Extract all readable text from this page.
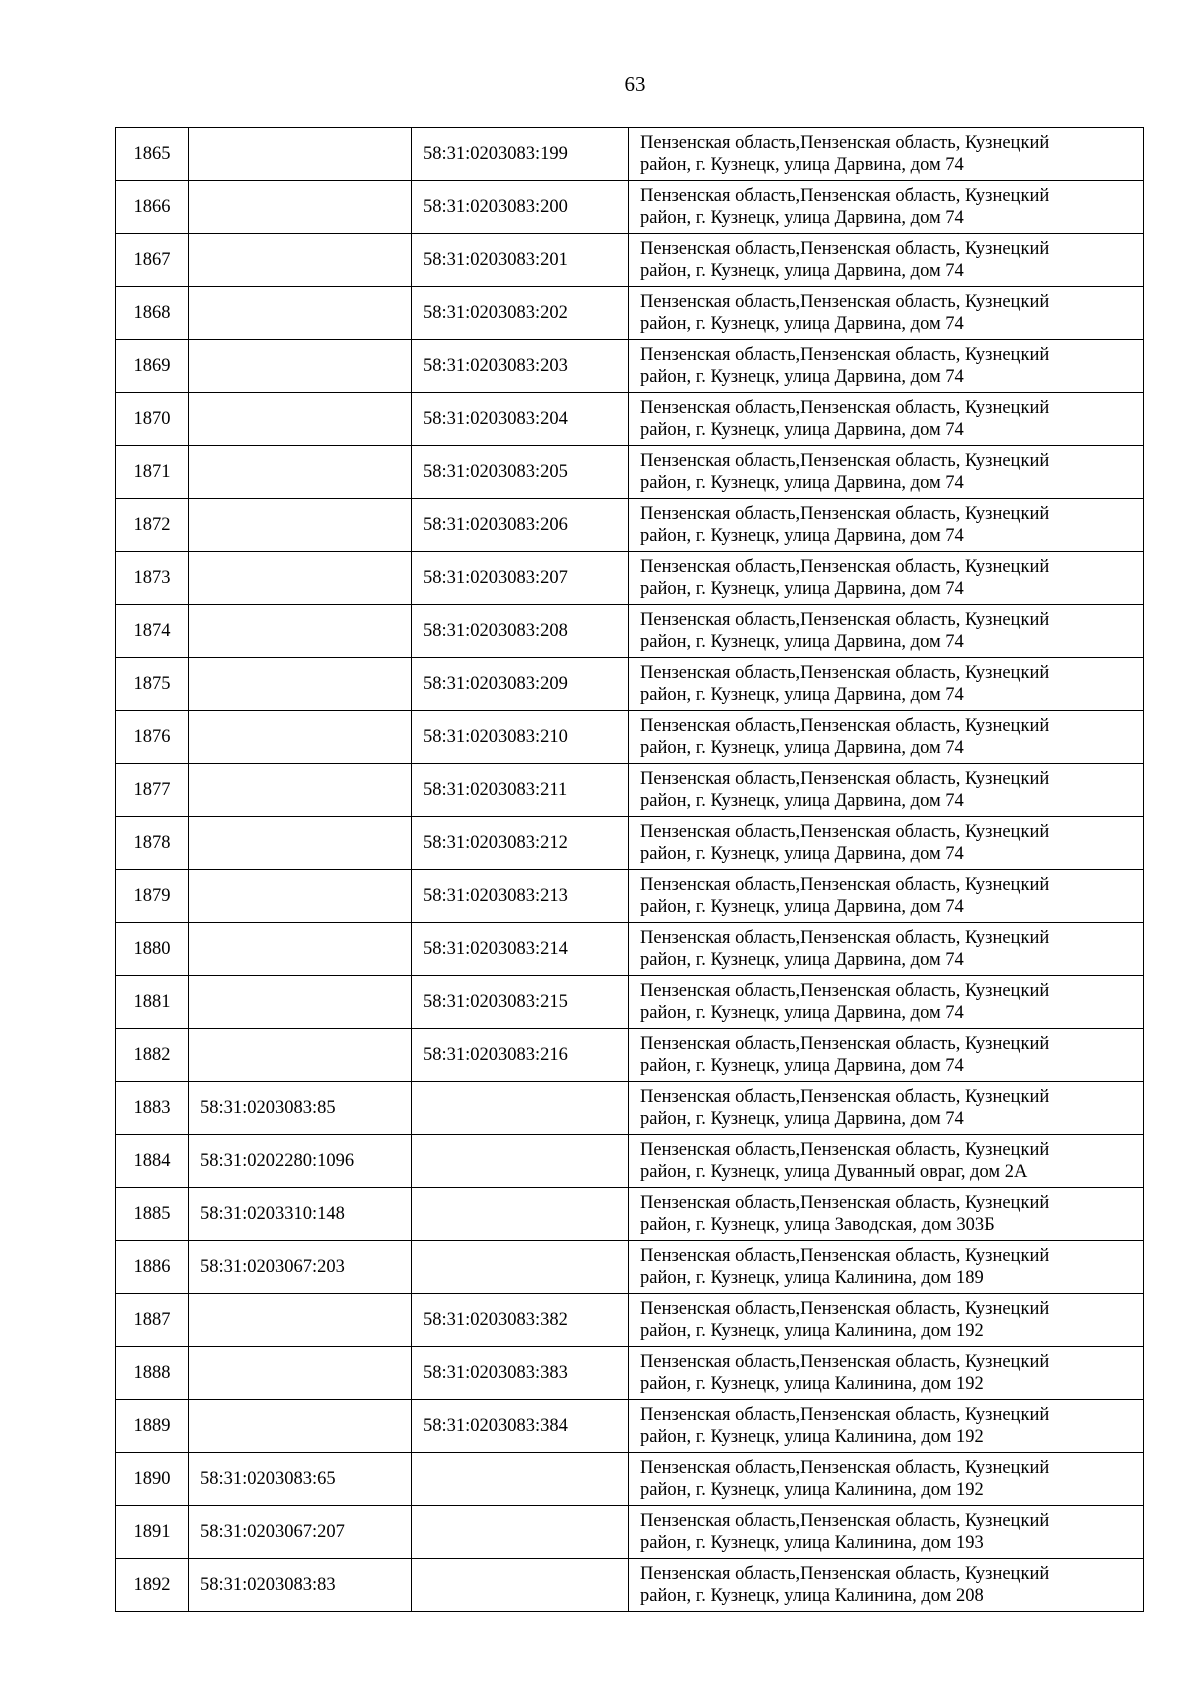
63
1865		58:31:0203083:199	Пензенская область,Пензенская область, Кузнецкий
район, г. Кузнецк, улица Дарвина, дом 74

1866		58:31:0203083:200	Пензенская область,Пензенская область, Кузнецкий
район, г. Кузнецк, улица Дарвина, дом 74

1867		58:31:0203083:201	Пензенская область,Пензенская область, Кузнецкий
район, г. Кузнецк, улица Дарвина, дом 74

1868		58:31:0203083:202	Пензенская область,Пензенская область, Кузнецкий
район, г. Кузнецк, улица Дарвина, дом 74

1869		58:31:0203083:203	Пензенская область,Пензенская область, Кузнецкий
район, г. Кузнецк, улица Дарвина, дом 74

1870		58:31:0203083:204	Пензенская область,Пензенская область, Кузнецкий
район, г. Кузнецк, улица Дарвина, дом 74

1871		58:31:0203083:205	Пензенская область,Пензенская область, Кузнецкий
район, г. Кузнецк, улица Дарвина, дом 74

1872		58:31:0203083:206	Пензенская область,Пензенская область, Кузнецкий
район, г. Кузнецк, улица Дарвина, дом 74

1873		58:31:0203083:207	Пензенская область,Пензенская область, Кузнецкий
район, г. Кузнецк, улица Дарвина, дом 74

1874		58:31:0203083:208	Пензенская область,Пензенская область, Кузнецкий
район, г. Кузнецк, улица Дарвина, дом 74

1875		58:31:0203083:209	Пензенская область,Пензенская область, Кузнецкий
район, г. Кузнецк, улица Дарвина, дом 74

1876		58:31:0203083:210	Пензенская область,Пензенская область, Кузнецкий
район, г. Кузнецк, улица Дарвина, дом 74

1877		58:31:0203083:211	Пензенская область,Пензенская область, Кузнецкий
район, г. Кузнецк, улица Дарвина, дом 74

1878		58:31:0203083:212	Пензенская область,Пензенская область, Кузнецкий
район, г. Кузнецк, улица Дарвина, дом 74

1879		58:31:0203083:213	Пензенская область,Пензенская область, Кузнецкий
район, г. Кузнецк, улица Дарвина, дом 74

1880		58:31:0203083:214	Пензенская область,Пензенская область, Кузнецкий
район, г. Кузнецк, улица Дарвина, дом 74

1881		58:31:0203083:215	Пензенская область,Пензенская область, Кузнецкий
район, г. Кузнецк, улица Дарвина, дом 74

1882		58:31:0203083:216	Пензенская область,Пензенская область, Кузнецкий
район, г. Кузнецк, улица Дарвина, дом 74

1883	58:31:0203083:85		Пензенская область,Пензенская область, Кузнецкий
район, г. Кузнецк, улица Дарвина, дом 74

1884	58:31:0202280:1096		Пензенская область,Пензенская область, Кузнецкий
район, г. Кузнецк, улица Дуванный овраг, дом 2А

1885	58:31:0203310:148		Пензенская область,Пензенская область, Кузнецкий
район, г. Кузнецк, улица Заводская, дом 303Б

1886	58:31:0203067:203		Пензенская область,Пензенская область, Кузнецкий
район, г. Кузнецк, улица Калинина, дом 189

1887		58:31:0203083:382	Пензенская область,Пензенская область, Кузнецкий
район, г. Кузнецк, улица Калинина, дом 192

1888		58:31:0203083:383	Пензенская область,Пензенская область, Кузнецкий
район, г. Кузнецк, улица Калинина, дом 192

1889		58:31:0203083:384	Пензенская область,Пензенская область, Кузнецкий
район, г. Кузнецк, улица Калинина, дом 192

1890	58:31:0203083:65		Пензенская область,Пензенская область, Кузнецкий
район, г. Кузнецк, улица Калинина, дом 192

1891	58:31:0203067:207		Пензенская область,Пензенская область, Кузнецкий
район, г. Кузнецк, улица Калинина, дом 193

1892	58:31:0203083:83		Пензенская область,Пензенская область, Кузнецкий
район, г. Кузнецк, улица Калинина, дом 208
